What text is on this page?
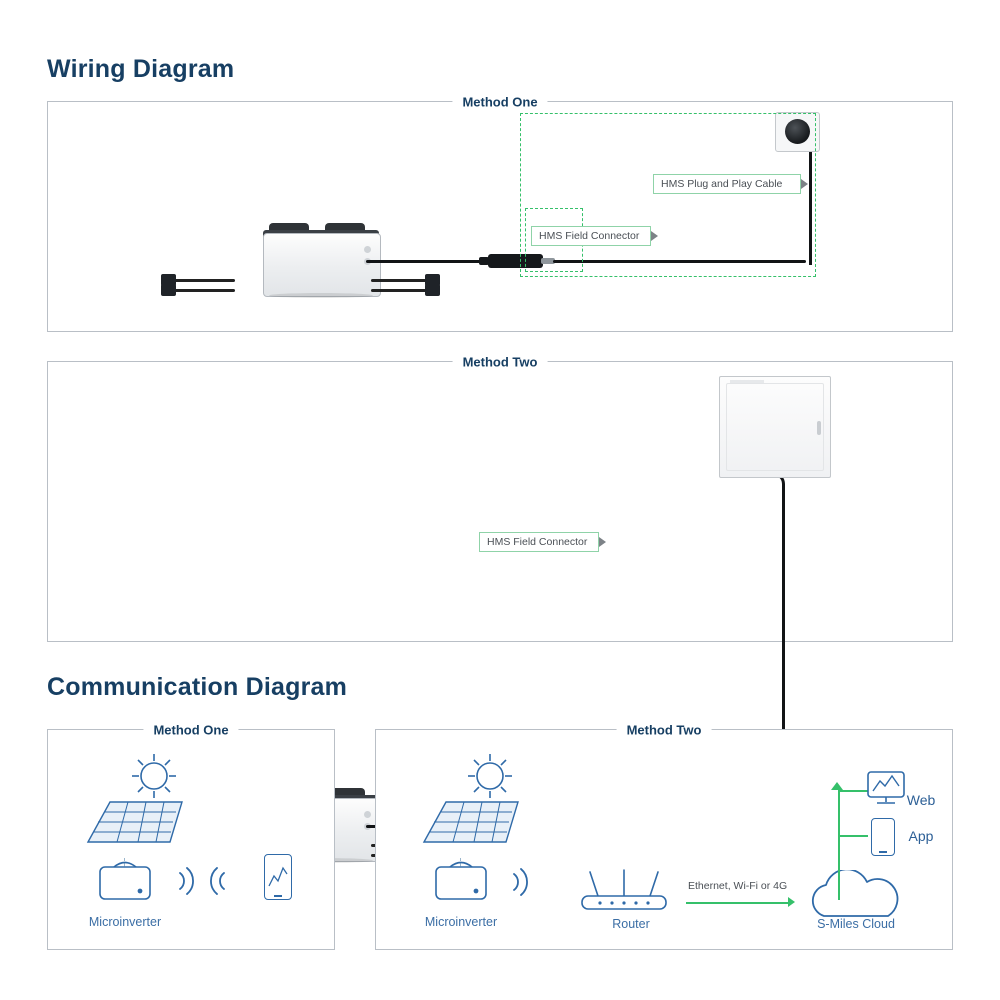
Wiring Diagram
Method One
HMS Plug and Play Cable
HMS Field Connector
Method Two
HMS Field Connector
Communication Diagram
Method One
Microinverter
Method Two
Microinverter	Router
Ethernet, Wi-Fi or 4G
S-Miles Cloud
Web
App
